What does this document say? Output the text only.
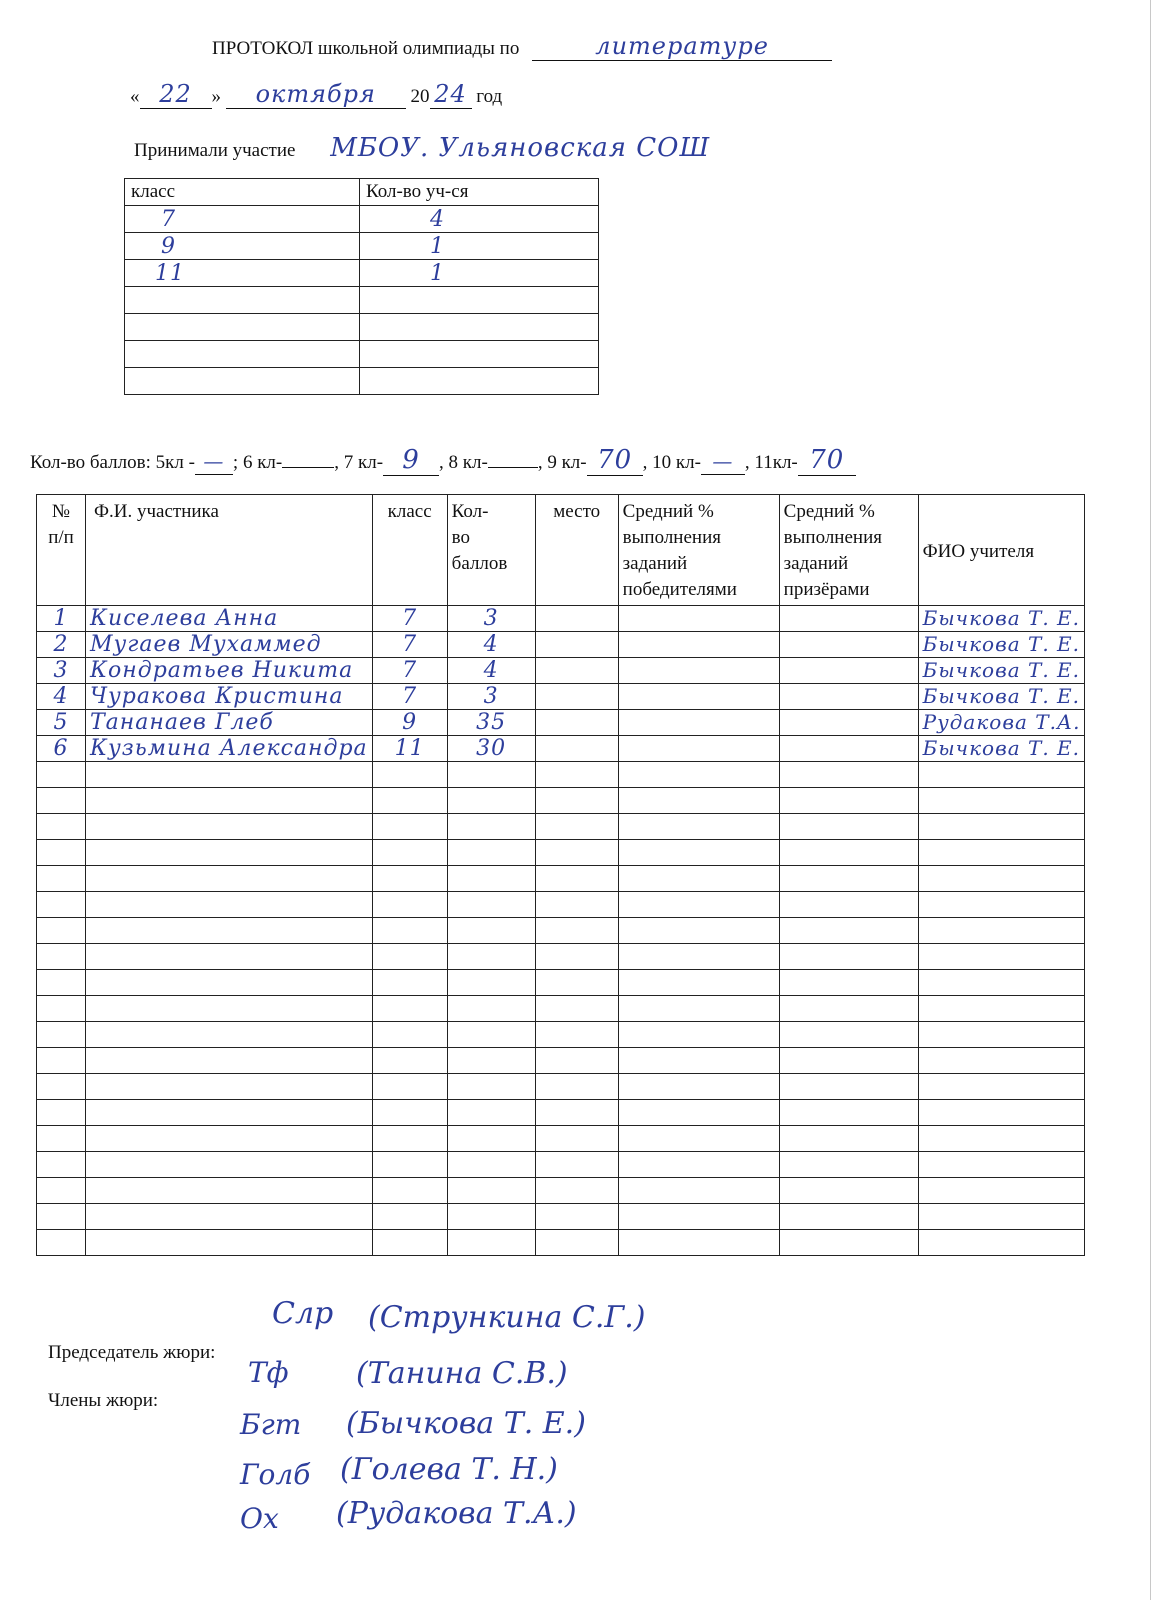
ПРОТОКОЛ школьной олимпиады по	литературе
« 22 » октября 20 24 год
Принимали участие МБОУ. Ульяновская СОШ
класс	Кол-во уч-ся
7	4
9	1
11	1

Кол-во баллов: 5кл - — ; 6 кл-	, 7 кл- 9 , 8 кл-	, 9 кл- 70 , 10 кл- — , 11кл- 70
№
п/п	Ф.И. участника	класс	Кол-
во
баллов	место	Средний %
выполнения
заданий
победителями	Средний %
выполнения
заданий
призёрами	ФИО учителя
1	Киселева Анна	7	3				Бычкова Т. Е.
2	Мугаев Мухаммед	7	4				Бычкова Т. Е.
3	Кондратьев Никита	7	4				Бычкова Т. Е.
4	Чуракова Кристина	7	3				Бычкова Т. Е.
5	Тананаев Глеб	9	35				Рудакова Т.А.
6	Кузьмина Александра	11	30				Бычкова Т. Е.

Председатель жюри:
Слр (Стрункина С.Г.)
Члены жюри:
Тф (Танина С.В.)
Бгт (Бычкова Т. Е.)
Голб (Голева Т. Н.)
Ох (Рудакова Т.А.)
